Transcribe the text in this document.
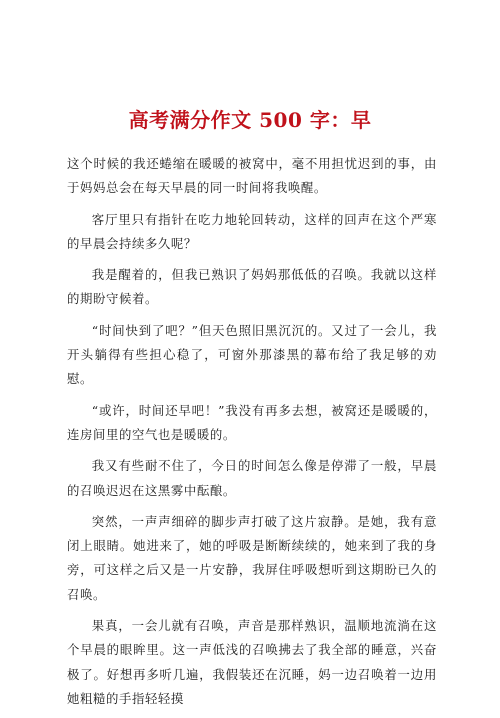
高考满分作文 500 字：早

这个时候的我还蜷缩在暖暖的被窝中，毫不用担忧迟到的事，由于妈妈总会在每天早晨的同一时间将我唤醒。

客厅里只有指针在吃力地轮回转动，这样的回声在这个严寒的早晨会持续多久呢？

我是醒着的，但我已熟识了妈妈那低低的召唤。我就以这样的期盼守候着。

“时间快到了吧？”但天色照旧黑沉沉的。又过了一会儿，我开头躺得有些担心稳了，可窗外那漆黑的幕布给了我足够的劝慰。

“或许，时间还早吧！”我没有再多去想，被窝还是暖暖的，连房间里的空气也是暖暖的。

我又有些耐不住了，今日的时间怎么像是停滞了一般，早晨的召唤迟迟在这黑雾中酝酿。

突然，一声声细碎的脚步声打破了这片寂静。是她，我有意闭上眼睛。她进来了，她的呼吸是断断续续的，她来到了我的身旁，可这样之后又是一片安静，我屏住呼吸想听到这期盼已久的召唤。

果真，一会儿就有召唤，声音是那样熟识，温顺地流淌在这个早晨的眼眸里。这一声低浅的召唤拂去了我全部的睡意，兴奋极了。好想再多听几遍，我假装还在沉睡，妈一边召唤着一边用她粗糙的手指轻轻摸
